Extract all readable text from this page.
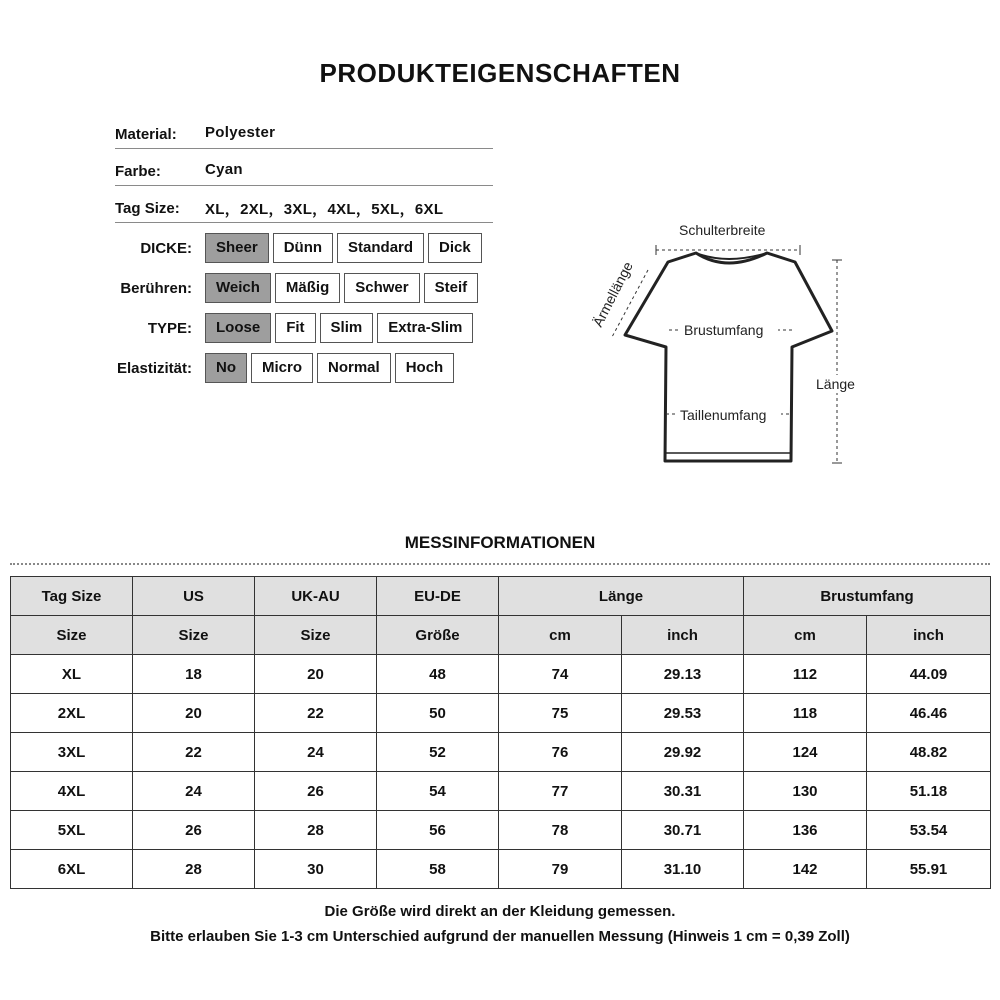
PRODUKTEIGENSCHAFTEN
Material: Polyester
Farbe:	Cyan
Tag Size: XL，2XL，3XL，4XL，5XL，6XL
DICKE:	Sheer	Dünn	Standard	Dick
Berühren:	Weich	Mäßig	Schwer	Steif
TYPE:	Loose	Fit	Slim	Extra-Slim
Elastizität:	No	Micro	Normal	Hoch
Schulterbreite
Ärmellänge
Brustumfang
Taillenumfang
Länge
MESSINFORMATIONEN
Tag Size	US	UK-AU	EU-DE	Länge		Brustumfang	
Size	Size	Size	Größe	cm	inch	cm	inch
XL	18	20	48	74	29.13	112	44.09
2XL	20	22	50	75	29.53	118	46.46
3XL	22	24	52	76	29.92	124	48.82
4XL	24	26	54	77	30.31	130	51.18
5XL	26	28	56	78	30.71	136	53.54
6XL	28	30	58	79	31.10	142	55.91
Die Größe wird direkt an der Kleidung gemessen.
Bitte erlauben Sie 1-3 cm Unterschied aufgrund der manuellen Messung (Hinweis 1 cm = 0,39 Zoll)
